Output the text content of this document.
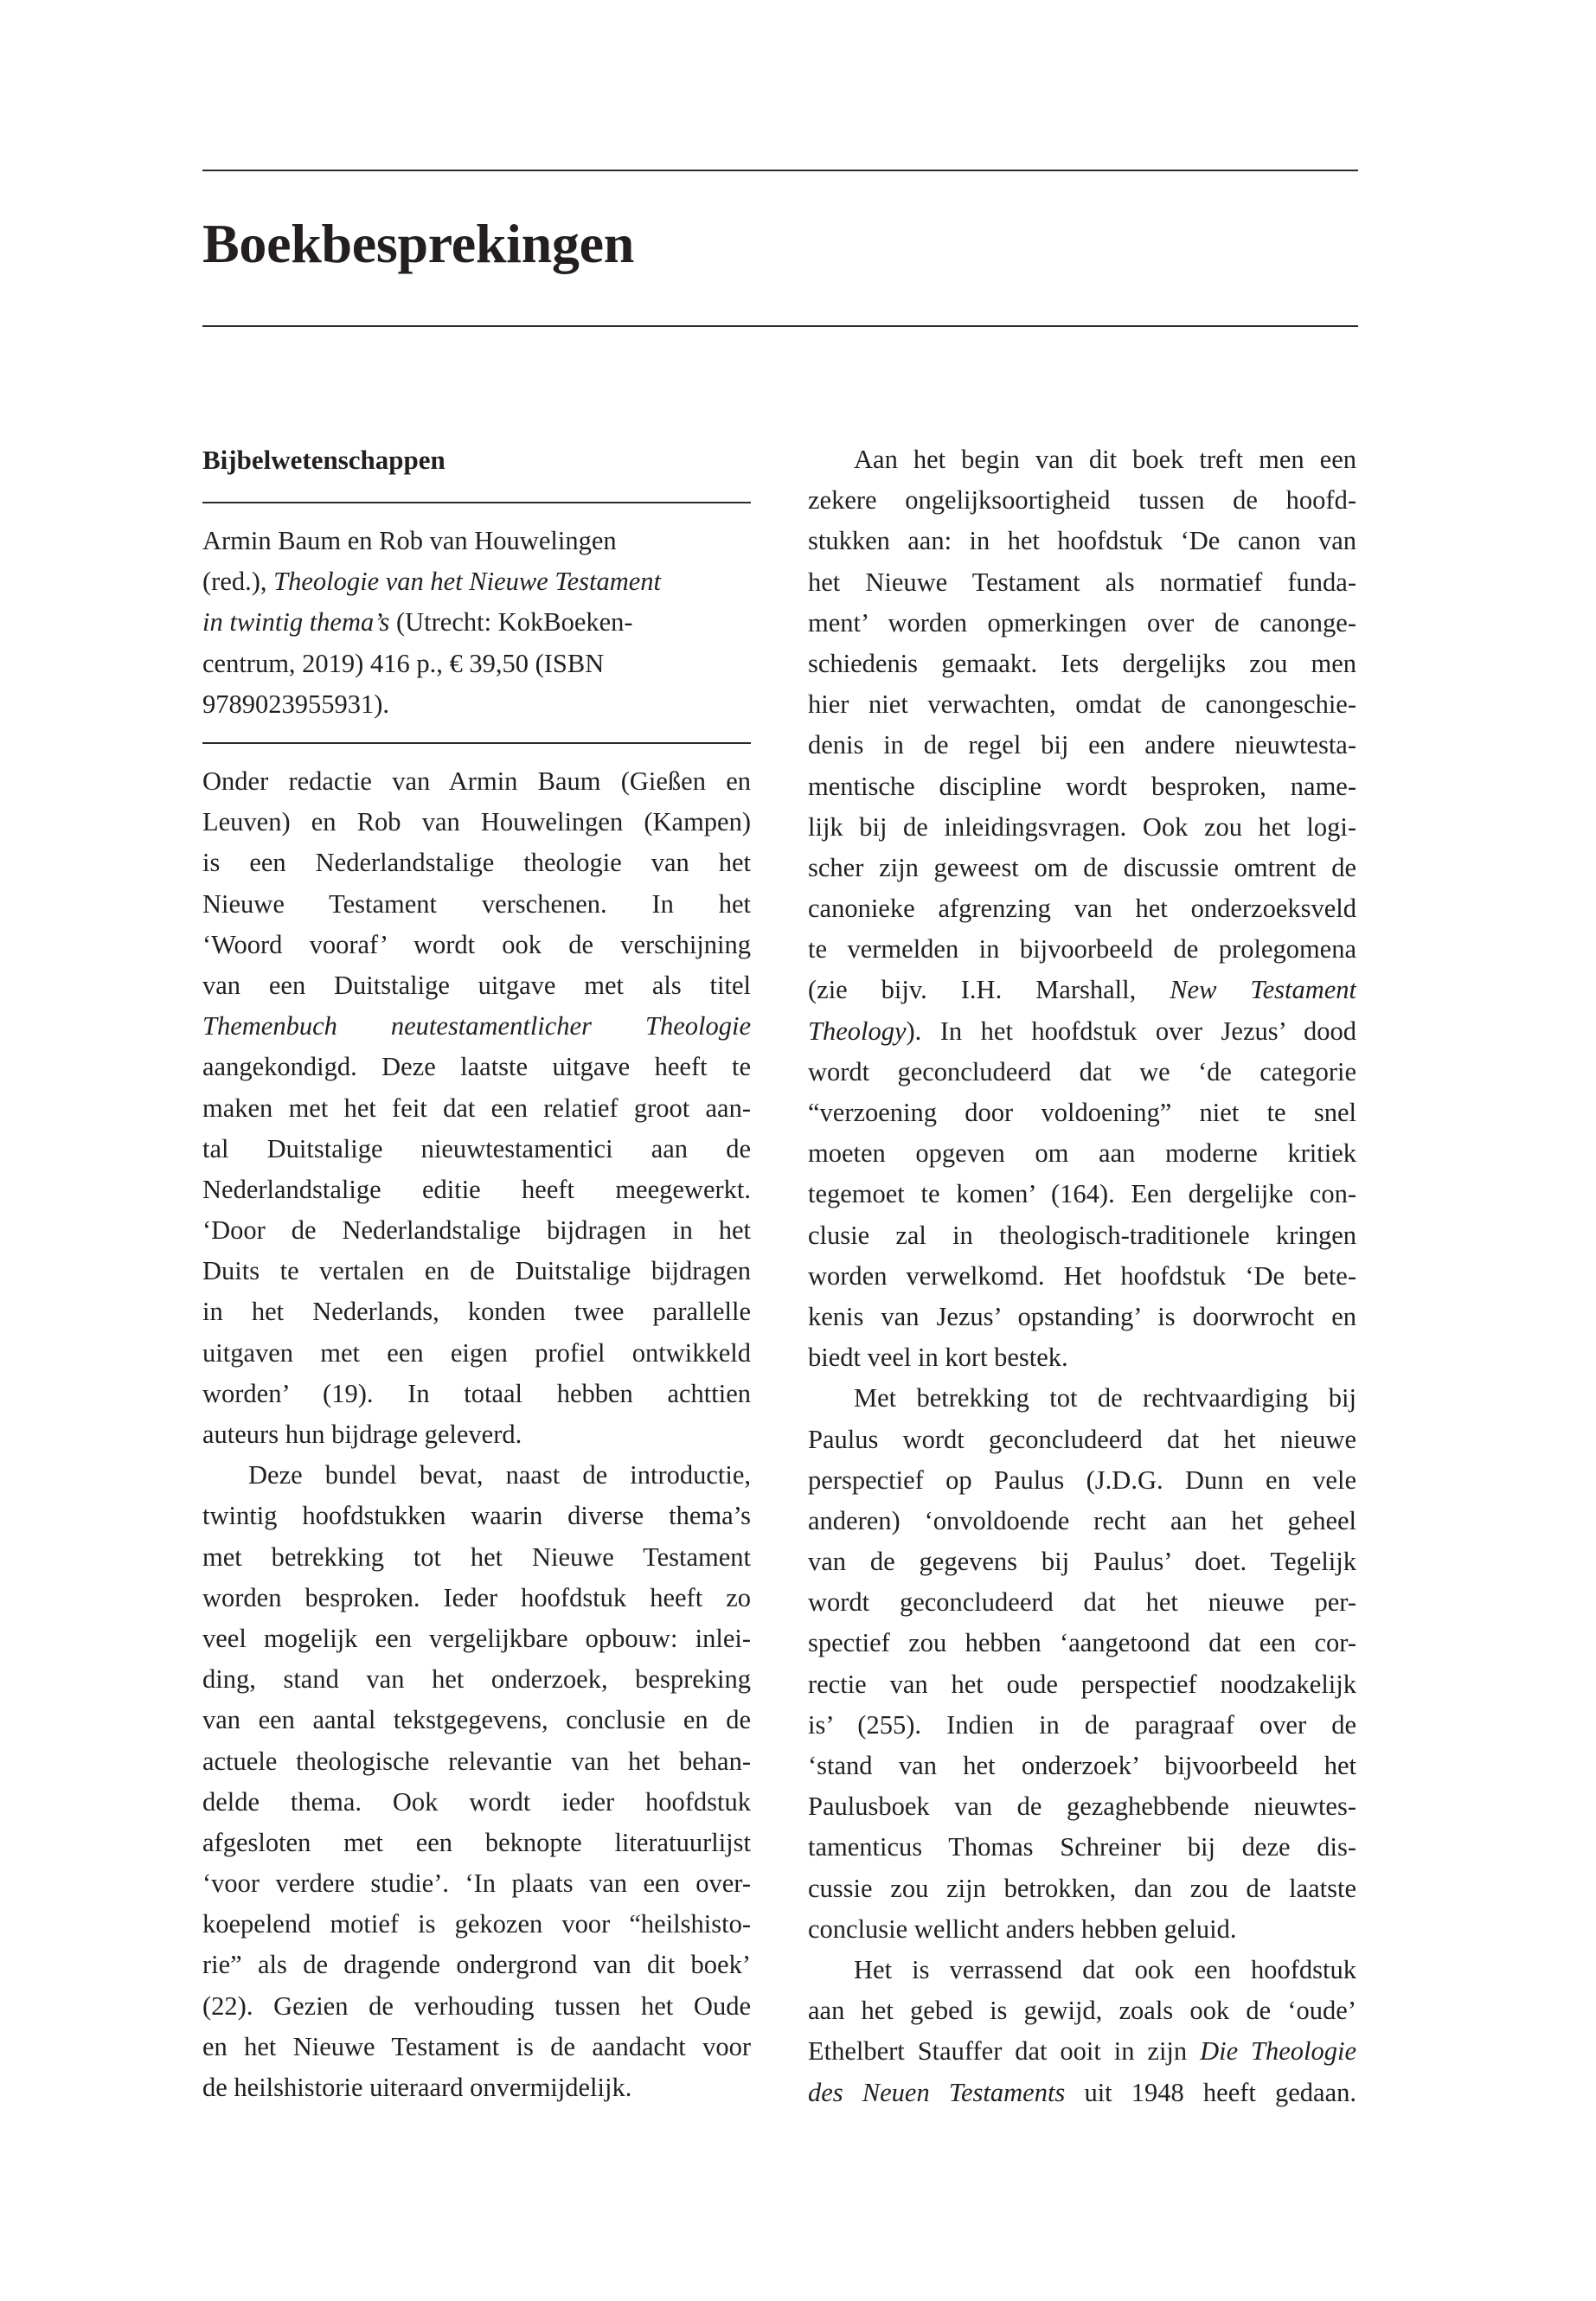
Boekbesprekingen
Bijbelwetenschappen
Armin Baum en Rob van Houwelingen
(red.), Theologie van het Nieuwe Testament
in twintig thema’s (Utrecht: KokBoeken-
centrum, 2019) 416 p., € 39,50 (ISBN
9789023955931).
Onder redactie van Armin Baum (Gießen en
Leuven) en Rob van Houwelingen (Kampen)
is een Nederlandstalige theologie van het
Nieuwe Testament verschenen. In het
‘Woord vooraf’ wordt ook de verschijning
van een Duitstalige uitgave met als titel
Themenbuch neutestamentlicher Theologie
aangekondigd. Deze laatste uitgave heeft te
maken met het feit dat een relatief groot aan-
tal Duitstalige nieuwtestamentici aan de
Nederlandstalige editie heeft meegewerkt.
‘Door de Nederlandstalige bijdragen in het
Duits te vertalen en de Duitstalige bijdragen
in het Nederlands, konden twee parallelle
uitgaven met een eigen profiel ontwikkeld
worden’ (19). In totaal hebben achttien
auteurs hun bijdrage geleverd.
Deze bundel bevat, naast de introductie,
twintig hoofdstukken waarin diverse thema’s
met betrekking tot het Nieuwe Testament
worden besproken. Ieder hoofdstuk heeft zo
veel mogelijk een vergelijkbare opbouw: inlei-
ding, stand van het onderzoek, bespreking
van een aantal tekstgegevens, conclusie en de
actuele theologische relevantie van het behan-
delde thema. Ook wordt ieder hoofdstuk
afgesloten met een beknopte literatuurlijst
‘voor verdere studie’. ‘In plaats van een over-
koepelend motief is gekozen voor “heilshisto-
rie” als de dragende ondergrond van dit boek’
(22). Gezien de verhouding tussen het Oude
en het Nieuwe Testament is de aandacht voor
de heilshistorie uiteraard onvermijdelijk.
Aan het begin van dit boek treft men een
zekere ongelijksoortigheid tussen de hoofd-
stukken aan: in het hoofdstuk ‘De canon van
het Nieuwe Testament als normatief funda-
ment’ worden opmerkingen over de canonge-
schiedenis gemaakt. Iets dergelijks zou men
hier niet verwachten, omdat de canongeschie-
denis in de regel bij een andere nieuwtesta-
mentische discipline wordt besproken, name-
lijk bij de inleidingsvragen. Ook zou het logi-
scher zijn geweest om de discussie omtrent de
canonieke afgrenzing van het onderzoeksveld
te vermelden in bijvoorbeeld de prolegomena
(zie bijv. I.H. Marshall, New Testament
Theology). In het hoofdstuk over Jezus’ dood
wordt geconcludeerd dat we ‘de categorie
“verzoening door voldoening” niet te snel
moeten opgeven om aan moderne kritiek
tegemoet te komen’ (164). Een dergelijke con-
clusie zal in theologisch-traditionele kringen
worden verwelkomd. Het hoofdstuk ‘De bete-
kenis van Jezus’ opstanding’ is doorwrocht en
biedt veel in kort bestek.
Met betrekking tot de rechtvaardiging bij
Paulus wordt geconcludeerd dat het nieuwe
perspectief op Paulus (J.D.G. Dunn en vele
anderen) ‘onvoldoende recht aan het geheel
van de gegevens bij Paulus’ doet. Tegelijk
wordt geconcludeerd dat het nieuwe per-
spectief zou hebben ‘aangetoond dat een cor-
rectie van het oude perspectief noodzakelijk
is’ (255). Indien in de paragraaf over de
‘stand van het onderzoek’ bijvoorbeeld het
Paulusboek van de gezaghebbende nieuwtes-
tamenticus Thomas Schreiner bij deze dis-
cussie zou zijn betrokken, dan zou de laatste
conclusie wellicht anders hebben geluid.
Het is verrassend dat ook een hoofdstuk
aan het gebed is gewijd, zoals ook de ‘oude’
Ethelbert Stauffer dat ooit in zijn Die Theologie
des Neuen Testaments uit 1948 heeft gedaan.
